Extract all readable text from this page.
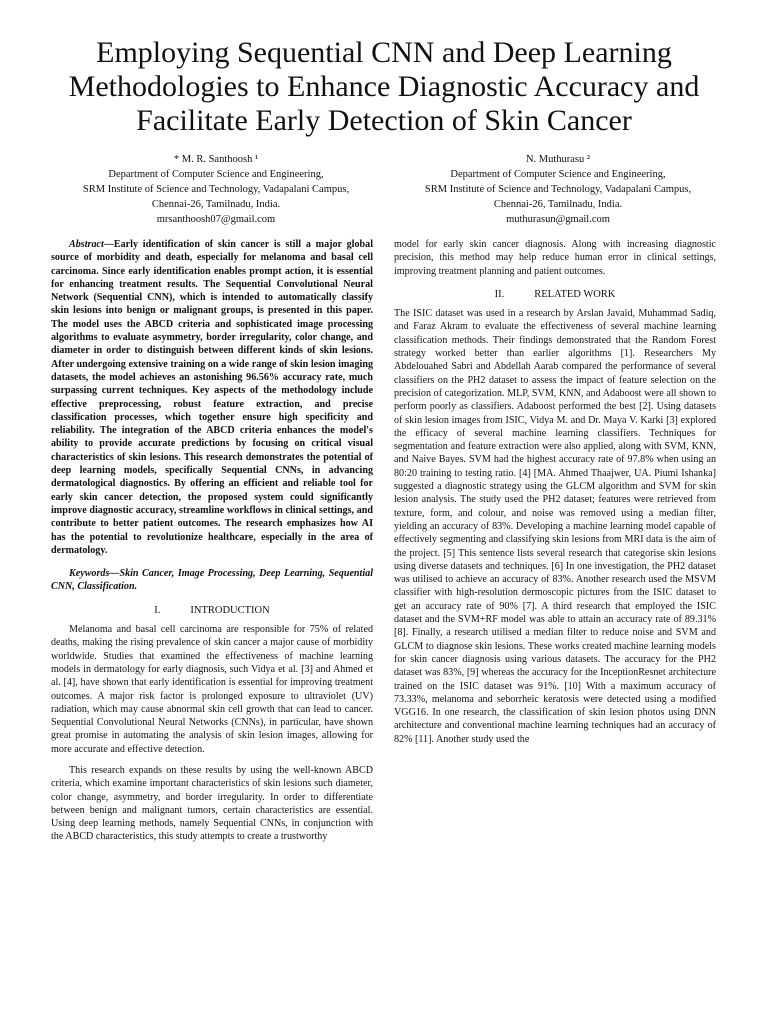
Employing Sequential CNN and Deep Learning Methodologies to Enhance Diagnostic Accuracy and Facilitate Early Detection of Skin Cancer
* M. R. Santhoosh ¹
Department of Computer Science and Engineering,
SRM Institute of Science and Technology, Vadapalani Campus,
Chennai-26, Tamilnadu, India.
mrsanthoosh07@gmail.com
N. Muthurasu ²
Department of Computer Science and Engineering,
SRM Institute of Science and Technology, Vadapalani Campus,
Chennai-26, Tamilnadu, India.
muthurasun@gmail.com

Abstract—Early identification of skin cancer is still a major global source of morbidity and death, especially for melanoma and basal cell carcinoma. Since early identification enables prompt action, it is essential for enhancing treatment results. The Sequential Convolutional Neural Network (Sequential CNN), which is intended to automatically classify skin lesions into benign or malignant groups, is presented in this paper. The model uses the ABCD criteria and sophisticated image processing algorithms to evaluate asymmetry, border irregularity, color change, and diameter in order to distinguish between different kinds of skin lesions. After undergoing extensive training on a wide range of skin lesion imaging datasets, the model achieves an astonishing 96.56% accuracy rate, much surpassing current techniques. Key aspects of the methodology include effective preprocessing, robust feature extraction, and precise classification processes, which together ensure high specificity and reliability. The integration of the ABCD criteria enhances the model's ability to provide accurate predictions by focusing on critical visual characteristics of skin lesions. This research demonstrates the potential of deep learning models, specifically Sequential CNNs, in advancing dermatological diagnostics. By offering an efficient and reliable tool for early skin cancer detection, the proposed system could significantly improve diagnostic accuracy, streamline workflows in clinical settings, and contribute to better patient outcomes. The research emphasizes how AI has the potential to revolutionize healthcare, especially in the area of dermatology.

Keywords—Skin Cancer, Image Processing, Deep Learning, Sequential CNN, Classification.

I.	INTRODUCTION

Melanoma and basal cell carcinoma are responsible for 75% of related deaths, making the rising prevalence of skin cancer a major cause of morbidity worldwide. Studies that examined the effectiveness of machine learning models in dermatology for early diagnosis, such Vidya et al. [3] and Ahmed et al. [4], have shown that early identification is essential for improving treatment outcomes. A major risk factor is prolonged exposure to ultraviolet (UV) radiation, which may cause abnormal skin cell growth that can lead to cancer. Sequential Convolutional Neural Networks (CNNs), in particular, have shown great promise in automating the analysis of skin lesion images, allowing for more accurate and effective detection.

This research expands on these results by using the well-known ABCD criteria, which examine important characteristics of skin lesions such diameter, color change, asymmetry, and border irregularity. In order to differentiate between benign and malignant tumors, certain characteristics are essential. Using deep learning methods, namely Sequential CNNs, in conjunction with the ABCD characteristics, this study attempts to create a trustworthy

model for early skin cancer diagnosis. Along with increasing diagnostic precision, this method may help reduce human error in clinical settings, improving treatment planning and patient outcomes.

II.	RELATED WORK

The ISIC dataset was used in a research by Arslan Javaid, Muhammad Sadiq, and Faraz Akram to evaluate the effectiveness of several machine learning classification methods. Their findings demonstrated that the Random Forest strategy worked better than earlier algorithms [1]. Researchers My Abdelouahed Sabri and Abdellah Aarab compared the performance of several classifiers on the PH2 dataset to assess the impact of feature selection on the precision of categorization. MLP, SVM, KNN, and Adaboost were all shown to perform poorly as classifiers. Adaboost performed the best [2]. Using datasets of skin lesion images from ISIC, Vidya M. and Dr. Maya V. Karki [3] explored the efficacy of several machine learning classifiers. Techniques for segmentation and feature extraction were also applied, along with SVM, KNN, and Naive Bayes. SVM had the highest accuracy rate of 97.8% when using an 80:20 training to testing ratio. [4] [MA. Ahmed Thaajwer, UA. Piumi Ishanka] suggested a diagnostic strategy using the GLCM algorithm and SVM for skin lesion analysis. The study used the PH2 dataset; features were retrieved from texture, form, and colour, and noise was removed using a median filter, yielding an accuracy of 83%. Developing a machine learning model capable of effectively segmenting and classifying skin lesions from MRI data is the aim of the project. [5] This sentence lists several research that categorise skin lesions using diverse datasets and techniques. [6] In one investigation, the PH2 dataset was utilised to achieve an accuracy of 83%. Another research used the MSVM classifier with high-resolution dermoscopic pictures from the ISIC dataset to get an accuracy rate of 90% [7]. A third research that employed the ISIC dataset and the SVM+RF model was able to attain an accuracy rate of 89.31% [8]. Finally, a research utilised a median filter to reduce noise and SVM and GLCM to diagnose skin lesions. These works created machine learning models for skin cancer diagnosis using various datasets. The accuracy for the PH2 dataset was 83%, [9] whereas the accuracy for the InceptionResnet architecture trained on the ISIC dataset was 91%. [10] With a maximum accuracy of 73.33%, melanoma and seborrheic keratosis were detected using a modified VGG16. In one research, the classification of skin lesion photos using DNN architecture and conventional machine learning techniques had an accuracy of 82% [11]. Another study used the
